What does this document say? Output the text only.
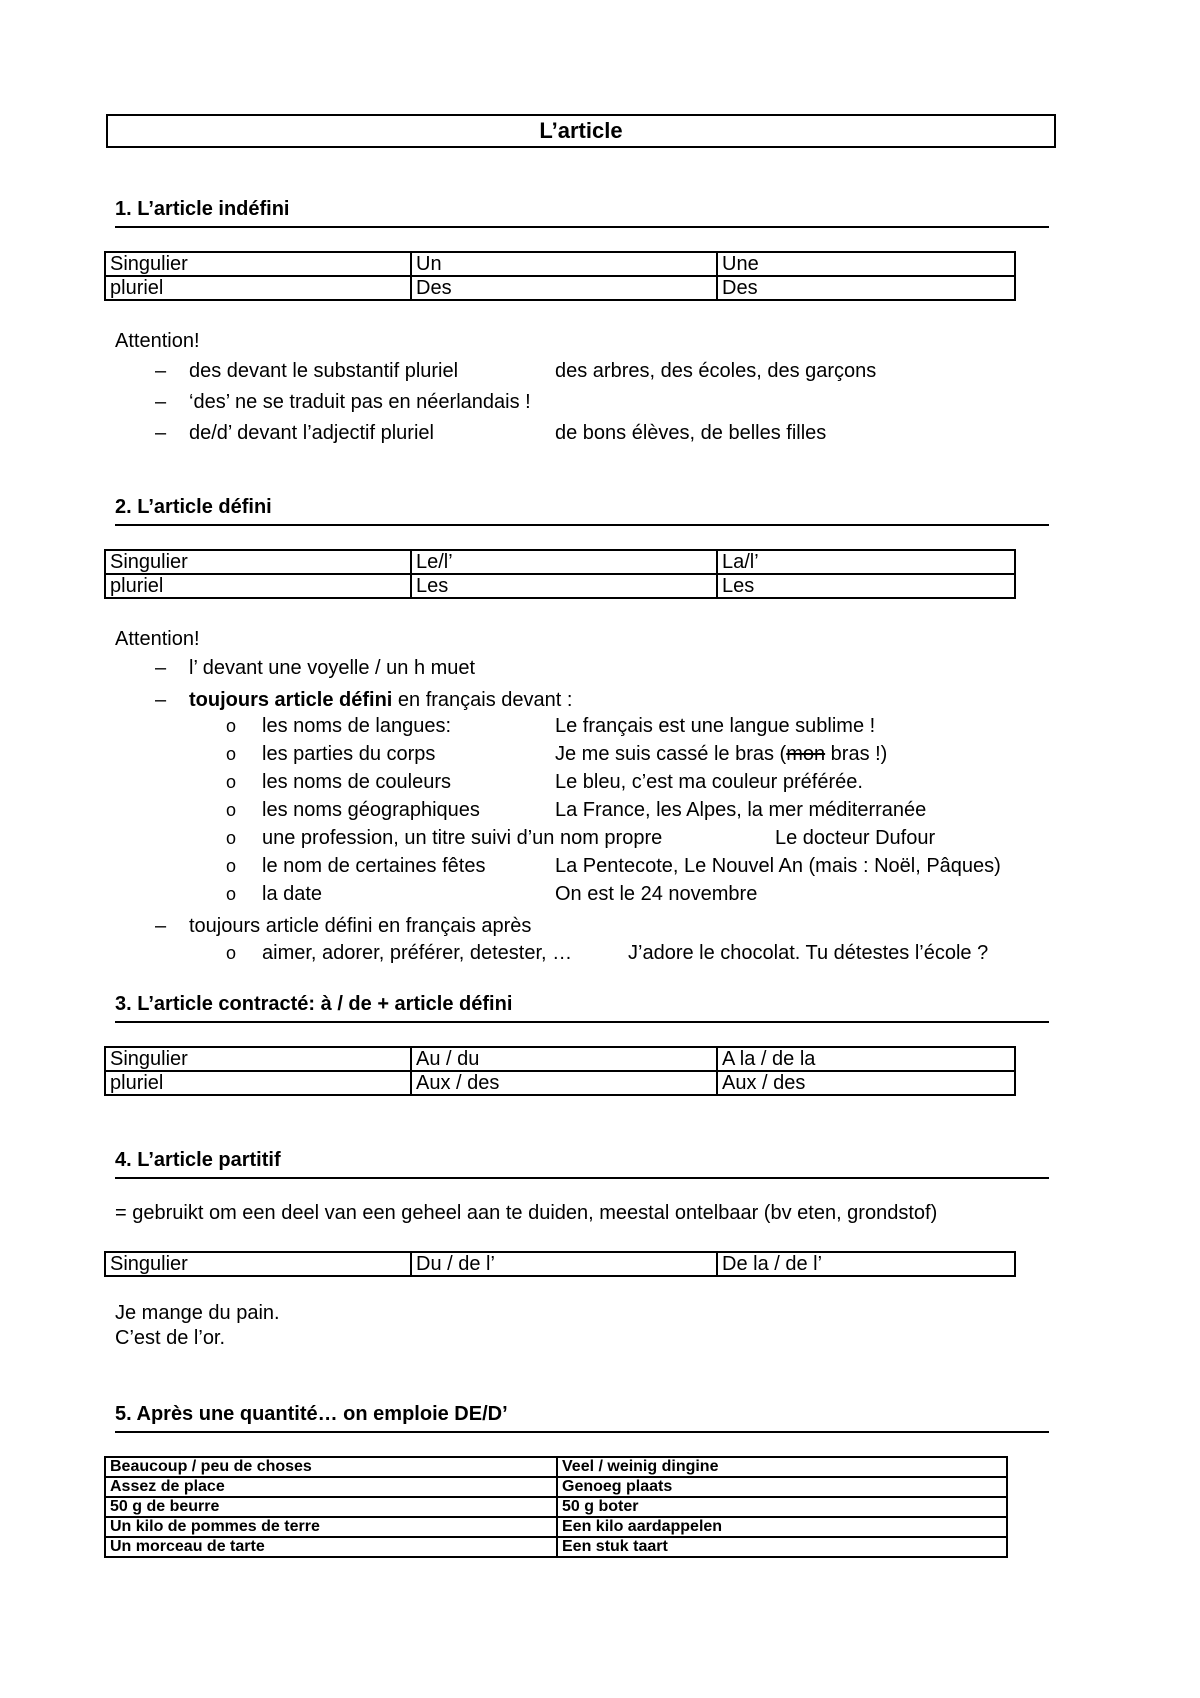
L’article
1. L’article indéfini
Singulier	Un	Une
pluriel	Des	Des
Attention!
– des devant le substantif pluriel	des arbres, des écoles, des garçons
– ‘des’ ne se traduit pas en néerlandais !
– de/d’ devant l’adjectif pluriel	de bons élèves, de belles filles
2. L’article défini
Singulier	Le/l’	La/l’
pluriel	Les	Les
Attention!
– l’ devant une voyelle / un h muet
– toujours article défini en français devant :
o les noms de langues:	Le français est une langue sublime !
o les parties du corps	Je me suis cassé le bras (mon bras !)
o les noms de couleurs	Le bleu, c’est ma couleur préférée.
o les noms géographiques	La France, les Alpes, la mer méditerranée
o une profession, un titre suivi d’un nom propre	Le docteur Dufour
o le nom de certaines fêtes	La Pentecote, Le Nouvel An (mais : Noël, Pâques)
o la date	On est le 24 novembre
– toujours article défini en français après
o aimer, adorer, préférer, detester, …	J’adore le chocolat. Tu détestes l’école ?
3. L’article contracté: à / de + article défini
Singulier	Au / du	A la / de la
pluriel	Aux / des	Aux / des
4. L’article partitif
= gebruikt om een deel van een geheel aan te duiden, meestal ontelbaar (bv eten, grondstof)
Singulier	Du / de l’	De la / de l’
Je mange du pain.
C’est de l’or.
5. Après une quantité… on emploie DE/D’
Beaucoup / peu de choses	Veel / weinig dingine
Assez de place	Genoeg plaats
50 g de beurre	50 g boter
Un kilo de pommes de terre	Een kilo aardappelen
Un morceau de tarte	Een stuk taart
